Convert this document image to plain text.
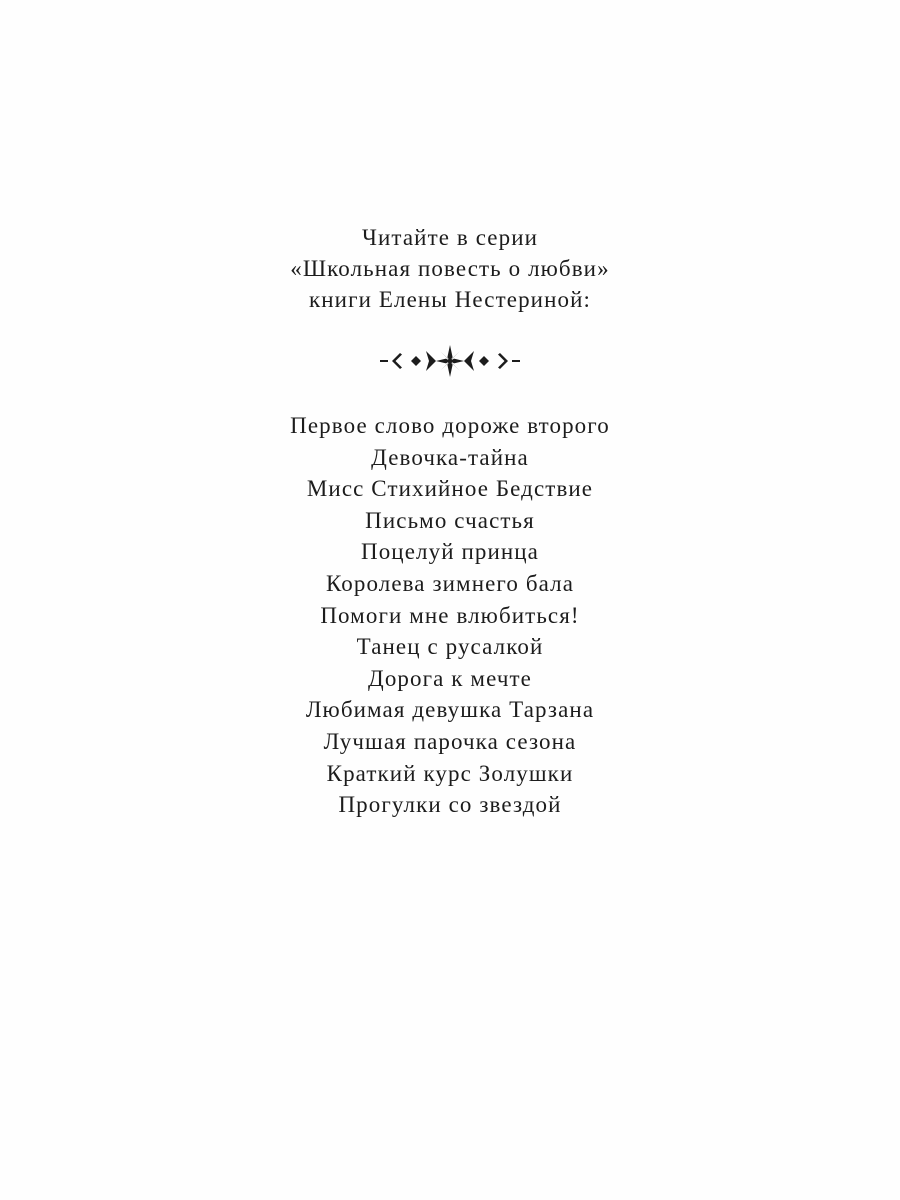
Читайте в серии
«Школьная повесть о любви»
книги Елены Нестериной:
Первое слово дороже второго
Девочка-тайна
Мисс Стихийное Бедствие
Письмо счастья
Поцелуй принца
Королева зимнего бала
Помоги мне влюбиться!
Танец с русалкой
Дорога к мечте
Любимая девушка Тарзана
Лучшая парочка сезона
Краткий курс Золушки
Прогулки со звездой
